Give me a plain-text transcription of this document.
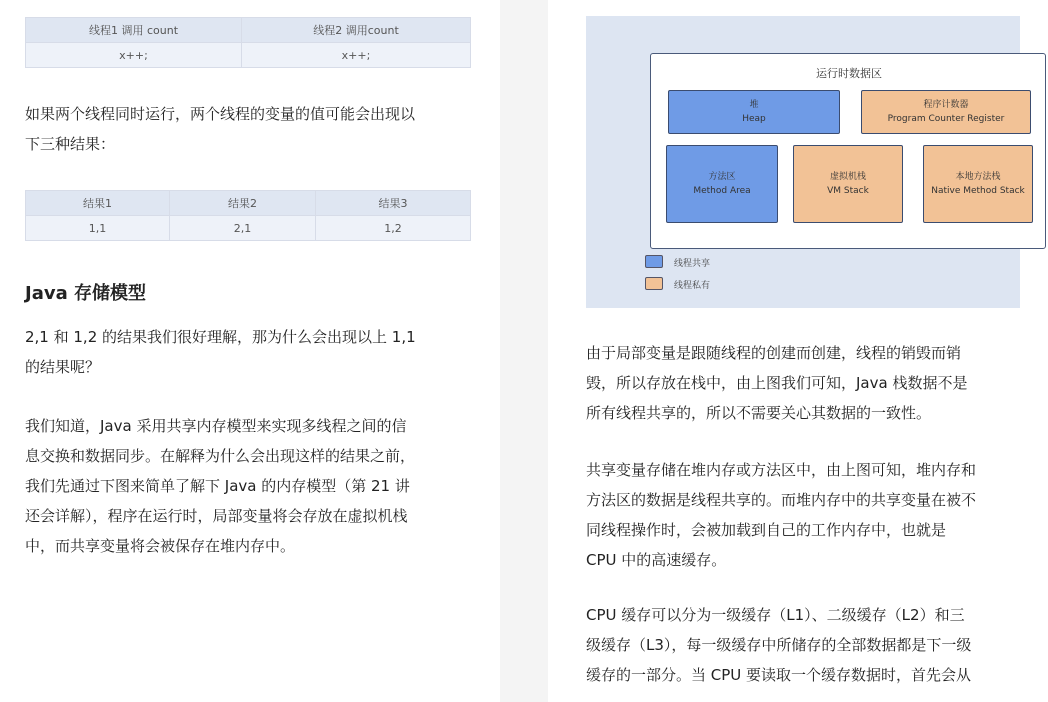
线程1 调用 count	线程2 调用count
x++;	x++;
如果两个线程同时运行，两个线程的变量的值可能会出现以
下三种结果：
结果1	结果2	结果3
1,1	2,1	1,2
Java 存储模型
2,1 和 1,2 的结果我们很好理解，那为什么会出现以上 1,1
的结果呢？
我们知道，Java 采用共享内存模型来实现多线程之间的信
息交换和数据同步。在解释为什么会出现这样的结果之前，
我们先通过下图来简单了解下 Java 的内存模型（第 21 讲
还会详解），程序在运行时，局部变量将会存放在虚拟机栈
中，而共享变量将会被保存在堆内存中。
运行时数据区
堆
Heap
程序计数器
Program Counter Register
方法区
Method Area
虚拟机栈
VM Stack
本地方法栈
Native Method Stack
线程共享
线程私有
由于局部变量是跟随线程的创建而创建，线程的销毁而销
毁，所以存放在栈中，由上图我们可知，Java 栈数据不是
所有线程共享的，所以不需要关心其数据的一致性。
共享变量存储在堆内存或方法区中，由上图可知，堆内存和
方法区的数据是线程共享的。而堆内存中的共享变量在被不
同线程操作时，会被加载到自己的工作内存中，也就是
CPU 中的高速缓存。
CPU 缓存可以分为一级缓存（L1）、二级缓存（L2）和三
级缓存（L3），每一级缓存中所储存的全部数据都是下一级
缓存的一部分。当 CPU 要读取一个缓存数据时，首先会从
